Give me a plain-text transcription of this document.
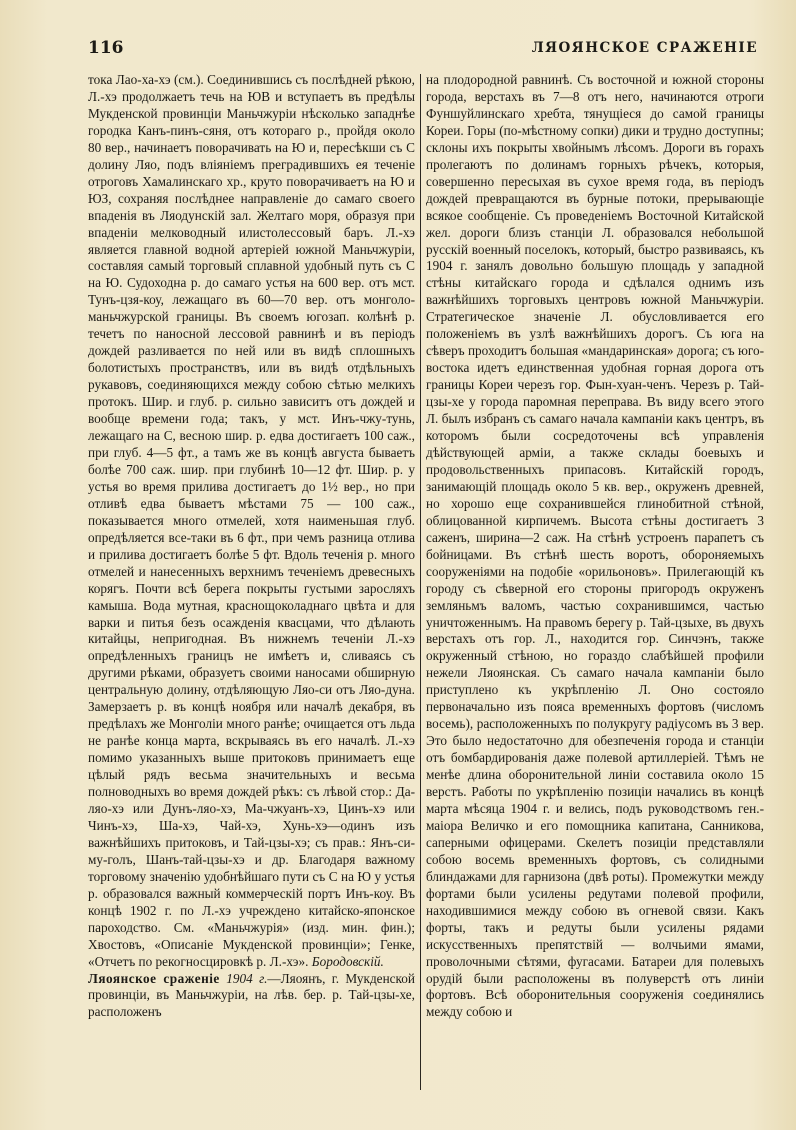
116	ЛЯОЯНСКОЕ СРАЖЕНІЕ

тока Лао-ха-хэ (см.). Соединившись съ послѣдней рѣкою, Л.-хэ продолжаетъ течь на ЮВ и вступаетъ въ предѣлы Мукденской провинціи Маньчжуріи нѣсколько западнѣе городка Канъ-пинъ-сяня, отъ котораго р., пройдя около 80 вер., начинаетъ поворачивать на Ю и, пересѣкши съ С долину Ляо, подъ вліяніемъ преградившихъ ея теченіе отроговъ Хамалинскаго хр., круто поворачиваетъ на Ю и ЮЗ, сохраняя послѣднее направленіе до самаго своего впаденія въ Ляодунскій зал. Желтаго моря, образуя при впаденіи мелководный илистолессовый баръ. Л.-хэ является главной водной артеріей южной Маньчжуріи, составляя самый торговый сплавной удобный путь съ С на Ю. Судоходна р. до самаго устья на 600 вер. отъ мст. Тунъ-цзя-коу, лежащаго въ 60—70 вер. отъ монголо-маньчжурской границы. Въ своемъ югозап. колѣнѣ р. течетъ по наносной лессовой равнинѣ и въ періодъ дождей разливается по ней или въ видѣ сплошныхъ болотистыхъ пространствъ, или въ видѣ отдѣльныхъ рукавовъ, соединяющихся между собою сѣтью мелкихъ протокъ. Шир. и глуб. р. сильно зависитъ отъ дождей и вообще времени года; такъ, у мст. Инъ-чжу-тунь, лежащаго на С, весною шир. р. едва достигаетъ 100 саж., при глуб. 4—5 фт., а тамъ же въ концѣ августа бываетъ болѣе 700 саж. шир. при глубинѣ 10—12 фт. Шир. р. у устья во время прилива достигаетъ до 1½ вер., но при отливѣ едва бываетъ мѣстами 75 — 100 саж., показывается много отмелей, хотя наименьшая глуб. опредѣляется все-таки въ 6 фт., при чемъ разница отлива и прилива достигаетъ болѣе 5 фт. Вдоль теченія р. много отмелей и нанесенныхъ верхнимъ теченіемъ древесныхъ корягъ. Почти всѣ берега покрыты густыми заросляхъ камыша. Вода мутная, краснощоколаднаго цвѣта и для варки и питья безъ осажденія квасцами, что дѣлають китайцы, непригодная. Въ нижнемъ теченіи Л.-хэ опредѣленныхъ границъ не имѣетъ и, сливаясь съ другими рѣками, образуетъ своими наносами обширную центральную долину, отдѣляющую Ляо-си отъ Ляо-дуна. Замерзаетъ р. въ концѣ ноября или началѣ декабря, въ предѣлахъ же Монголіи много ранѣе; очищается отъ льда не ранѣе конца марта, вскрываясь въ его началѣ. Л.-хэ помимо указанныхъ выше притоковъ принимаетъ еще цѣлый рядъ весьма значительныхъ и весьма полноводныхъ во время дождей рѣкъ: съ лѣвой стор.: Да-ляо-хэ или Дунъ-ляо-хэ, Ма-чжуанъ-хэ, Цинъ-хэ или Чинъ-хэ, Ша-хэ, Чай-хэ, Хунь-хэ—одинъ изъ важнѣйшихъ притоковъ, и Тай-цзы-хэ; съ прав.: Янъ-си-му-голъ, Шанъ-тай-цзы-хэ и др. Благодаря важному торговому значенію удобнѣйшаго пути съ С на Ю у устья р. образовался важный коммерческій портъ Инъ-коу. Въ концѣ 1902 г. по Л.-хэ учреждено китайско-японское пароходство. См. «Маньчжурія» (изд. мин. фин.); Хвостовъ, «Описаніе Мукденской провинціи»; Генке, «Отчетъ по рекогносцировкѣ р. Л.-хэ». Бородовскій.

Ляоянское сраженіе 1904 г.—Ляоянъ, г. Мукденской провинціи, въ Маньчжуріи, на лѣв. бер. р. Тай-цзы-хе, расположенъ

на плодородной равнинѣ. Съ восточной и южной стороны города, верстахъ въ 7—8 отъ него, начинаются отроги Фуншуйлинскаго хребта, тянущіеся до самой границы Кореи. Горы (по-мѣстному сопки) дики и трудно доступны; склоны ихъ покрыты хвойнымъ лѣсомъ. Дороги въ горахъ пролегаютъ по долинамъ горныхъ рѣчекъ, которыя, совершенно пересыхая въ сухое время года, въ періодъ дождей превращаются въ бурные потоки, прерывающіе всякое сообщеніе. Съ проведеніемъ Восточной Китайской жел. дороги близъ станціи Л. образовался небольшой русскій военный поселокъ, который, быстро развиваясь, къ 1904 г. занялъ довольно большую площадь у западной стѣны китайскаго города и сдѣлался однимъ изъ важнѣйшихъ торговыхъ центровъ южной Маньчжуріи. Стратегическое значеніе Л. обусловливается его положеніемъ въ узлѣ важнѣйшихъ дорогъ. Съ юга на сѣверъ проходитъ большая «мандаринская» дорога; съ юго-востока идетъ единственная удобная горная дорога отъ границы Кореи черезъ гор. Фын-хуан-ченъ. Черезъ р. Тай-цзы-хе у города паромная переправа. Въ виду всего этого Л. былъ избранъ съ самаго начала кампаніи какъ центръ, въ которомъ были сосредоточены всѣ управленія дѣйствующей арміи, а также склады боевыхъ и продовольственныхъ припасовъ. Китайскій городъ, занимающій площадь около 5 кв. вер., окруженъ древней, но хорошо еще сохранившейся глинобитной стѣной, облицованной кирпичемъ. Высота стѣны достигаетъ 3 саженъ, ширина—2 саж. На стѣнѣ устроенъ парапетъ съ бойницами. Въ стѣнѣ шесть воротъ, обороняемыхъ сооруженіями на подобіе «орильоновъ». Прилегающій къ городу съ сѣверной его стороны пригородъ окруженъ земляньмъ валомъ, частью сохранившимся, частью уничтоженнымъ. На правомъ берегу р. Тай-цзыхе, въ двухъ верстахъ отъ гор. Л., находится гор. Синчэнъ, также окруженный стѣною, но гораздо слабѣйшей профили нежели Ляоянская. Съ самаго начала кампаніи было приступлено къ укрѣпленію Л. Оно состояло первоначально изъ пояса временныхъ фортовъ (числомъ восемь), расположенныхъ по полукругу радіусомъ въ 3 вер. Это было недостаточно для обезпеченія города и станціи отъ бомбардированія даже полевой артиллеріей. Тѣмъ не менѣе длина оборонительной линіи составила около 15 верстъ. Работы по укрѣпленію позиціи начались въ концѣ марта мѣсяца 1904 г. и велись, подъ руководствомъ ген.-маіора Величко и его помощника капитана, Санникова, саперными офицерами. Скелетъ позиціи представляли собою восемь временныхъ фортовъ, съ солидными блиндажами для гарнизона (двѣ роты). Промежутки между фортами были усилены редутами полевой профили, находившимися между собою въ огневой связи. Какъ форты, такъ и редуты были усилены рядами искусственныхъ препятствій — волчьими ямами, проволочными сѣтями, фугасами. Батареи для полевыхъ орудій были расположены въ полуверстѣ отъ линіи фортовъ. Всѣ оборонительныя сооруженія соединялись между собою и
